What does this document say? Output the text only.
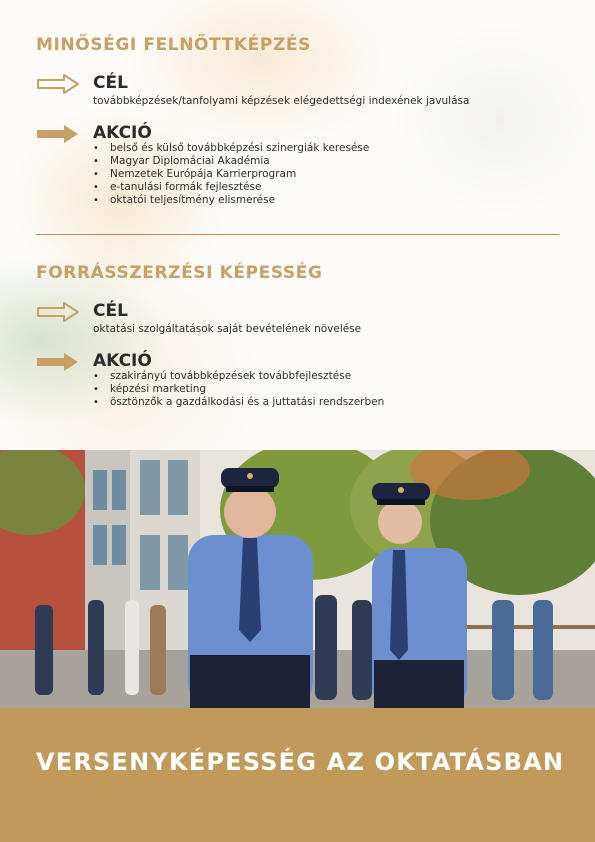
MINŐSÉGI FELNŐTTKÉPZÉS
CÉL
továbbképzések/tanfolyami képzések elégedettségi indexének javulása
AKCIÓ
• belső és külső továbbképzési szinergiák keresése
• Magyar Diplomáciai Akadémia
• Nemzetek Európája Karrierprogram
• e-tanulási formák fejlesztése
• oktatói teljesítmény elismerése
FORRÁSSZERZÉSI KÉPESSÉG
CÉL
oktatási szolgáltatások saját bevételének növelése
AKCIÓ
• szakirányú továbbképzések továbbfejlesztése
• képzési marketing
• ösztönzők a gazdálkodási és a juttatási rendszerben
VERSENYKÉPESSÉG AZ OKTATÁSBAN
